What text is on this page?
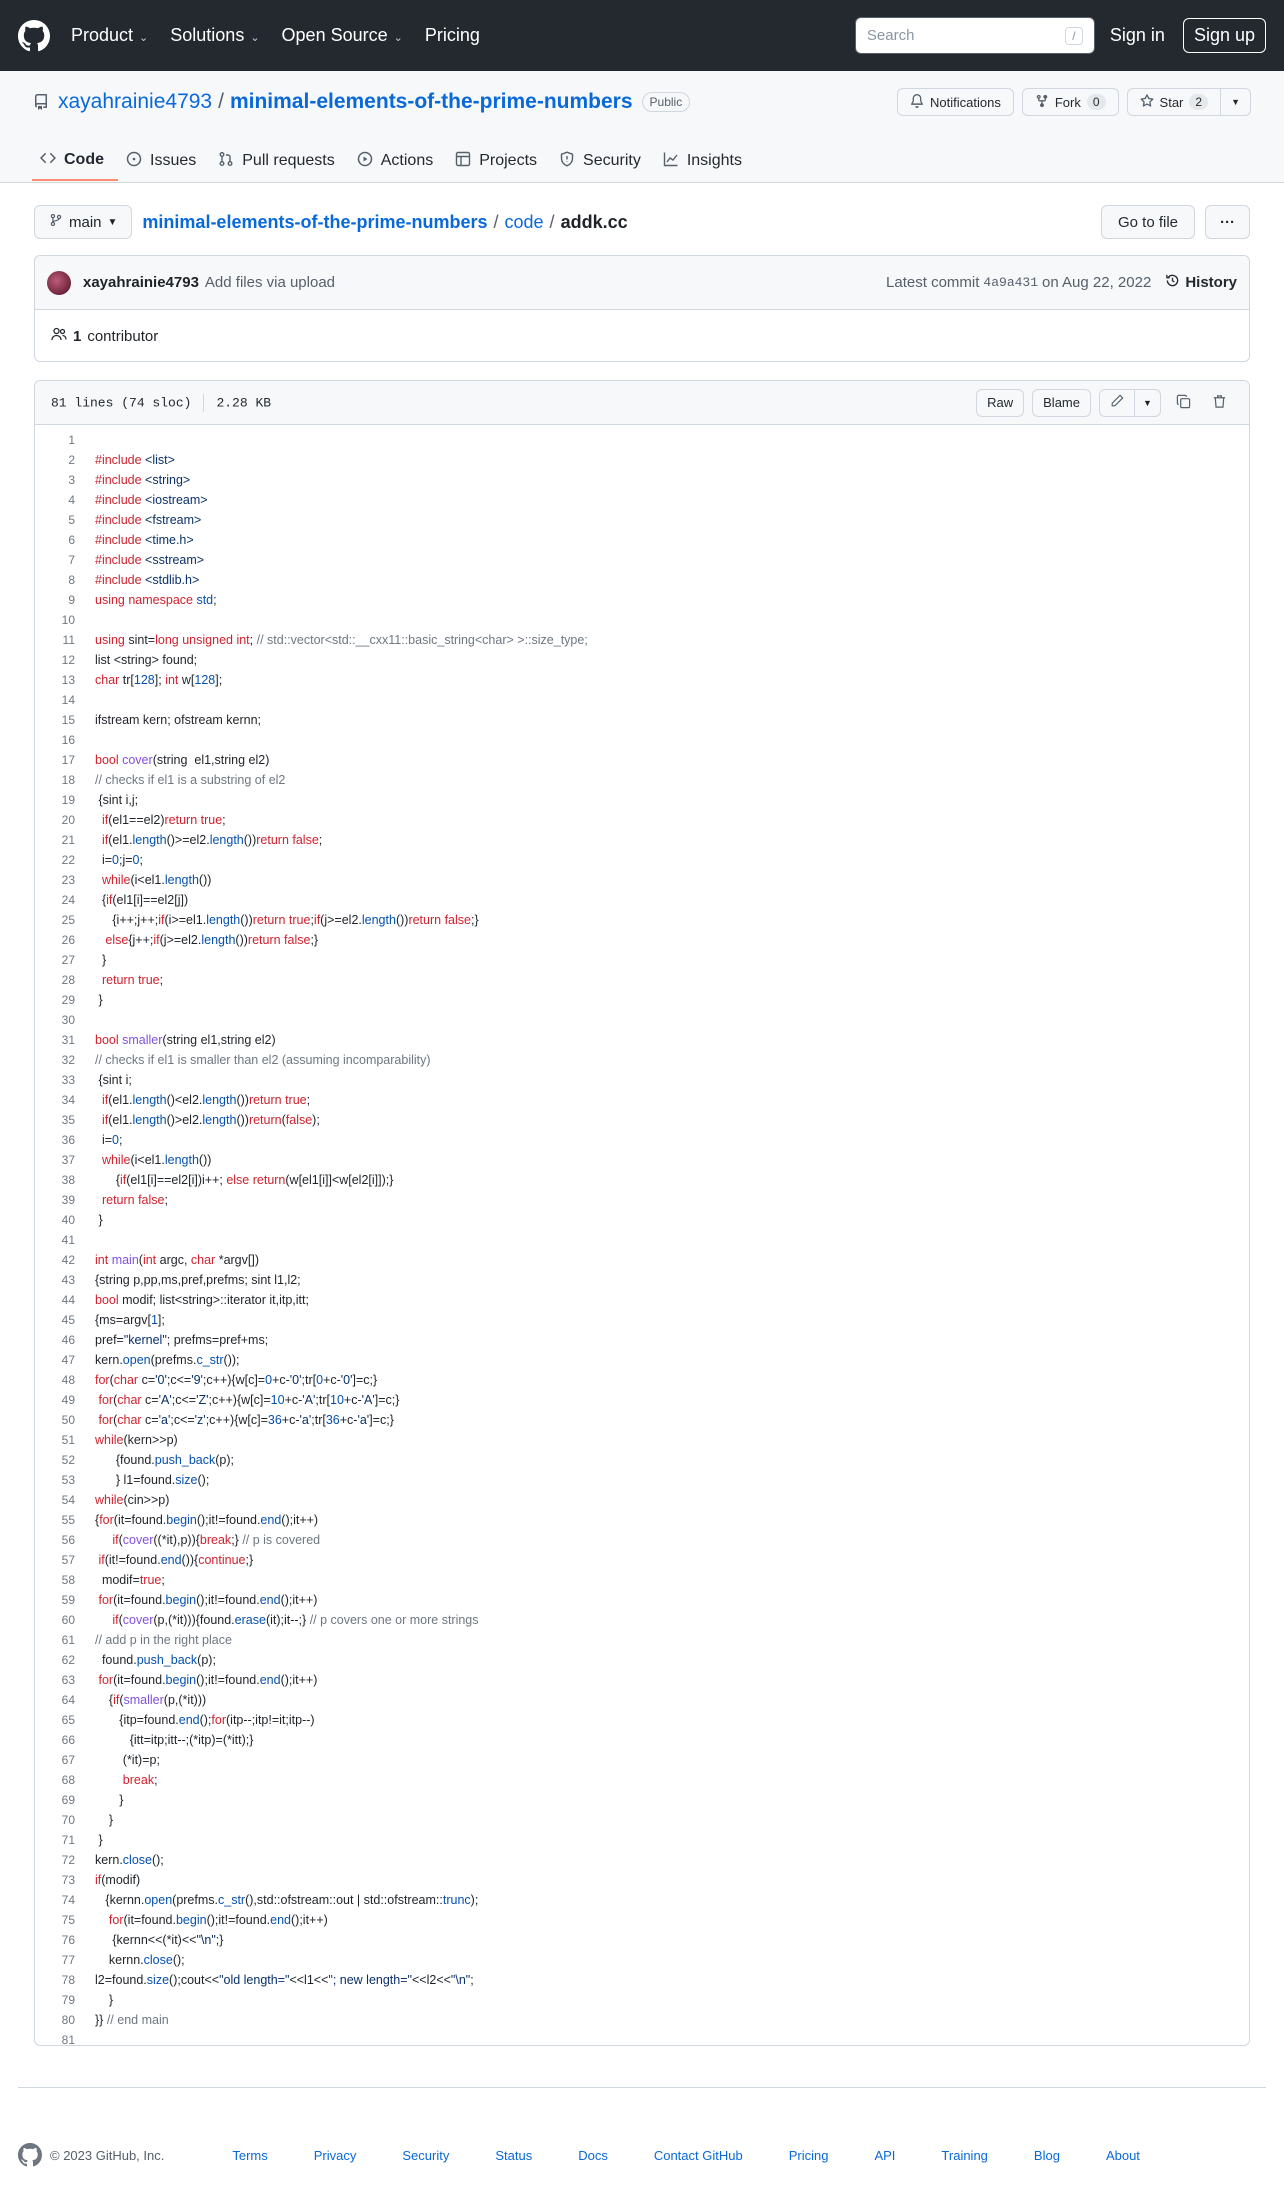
Product ⌄ Solutions ⌄ Open Source ⌄ Pricing	Search	/	Sign in	Sign up
xayahrainie4793 / minimal-elements-of-the-prime-numbers	Public	Notifications	Fork	0	Star	2	▼
Code	Issues	Pull requests	Actions	Projects	Security	Insights
main ▼ minimal-elements-of-the-prime-numbers / code / addk.cc	Go to file	···
xayahrainie4793 Add files via upload	Latest commit 4a9a431 on Aug 22, 2022 History
1 contributor
81 lines (74 sloc) 2.28 KB	Raw	Blame	▼
1
2	#include <list>
3	#include <string>
4	#include <iostream>
5	#include <fstream>
6	#include <time.h>
7	#include <sstream>
8	#include <stdlib.h>
9	using namespace std;
10
11	using sint=long unsigned int; // std::vector<std::__cxx11::basic_string<char> >::size_type;
12	list <string> found;
13	char tr[128]; int w[128];
14
15	ifstream kern; ofstream kernn;
16
17	bool cover(string  el1,string el2)
18	// checks if el1 is a substring of el2
19	{sint i,j;
20	if(el1==el2)return true;
21	if(el1.length()>=el2.length())return false;
22	i=0;j=0;
23	while(i<el1.length())
24	{if(el1[i]==el2[j])
25	{i++;j++;if(i>=el1.length())return true;if(j>=el2.length())return false;}
26	else{j++;if(j>=el2.length())return false;}
27	}
28	return true;
29	}
30
31	bool smaller(string el1,string el2)
32	// checks if el1 is smaller than el2 (assuming incomparability)
33	{sint i;
34	if(el1.length()<el2.length())return true;
35	if(el1.length()>el2.length())return(false);
36	i=0;
37	while(i<el1.length())
38	{if(el1[i]==el2[i])i++; else return(w[el1[i]]<w[el2[i]]);}
39	return false;
40	}
41
42	int main(int argc, char *argv[])
43	{string p,pp,ms,pref,prefms; sint l1,l2;
44	bool modif; list<string>::iterator it,itp,itt;
45	{ms=argv[1];
46	pref="kernel"; prefms=pref+ms;
47	kern.open(prefms.c_str());
48	for(char c='0';c<='9';c++){w[c]=0+c-'0';tr[0+c-'0']=c;}
49	for(char c='A';c<='Z';c++){w[c]=10+c-'A';tr[10+c-'A']=c;}
50	for(char c='a';c<='z';c++){w[c]=36+c-'a';tr[36+c-'a']=c;}
51	while(kern>>p)
52	{found.push_back(p);
53	} l1=found.size();
54	while(cin>>p)
55	{for(it=found.begin();it!=found.end();it++)
56	if(cover((*it),p)){break;} // p is covered
57	if(it!=found.end()){continue;}
58	modif=true;
59	for(it=found.begin();it!=found.end();it++)
60	if(cover(p,(*it))){found.erase(it);it--;} // p covers one or more strings
61	// add p in the right place
62	found.push_back(p);
63	for(it=found.begin();it!=found.end();it++)
64	{if(smaller(p,(*it)))
65	{itp=found.end();for(itp--;itp!=it;itp--)
66	{itt=itp;itt--;(*itp)=(*itt);}
67	(*it)=p;
68	break;
69	}
70	}
71	}
72	kern.close();
73	if(modif)
74	{kernn.open(prefms.c_str(),std::ofstream::out | std::ofstream::trunc);
75	for(it=found.begin();it!=found.end();it++)
76	{kernn<<(*it)<<"\n";}
77	kernn.close();
78	l2=found.size();cout<<"old length="<<l1<<"; new length="<<l2<<"\n";
79	}
80	}} // end main
81
© 2023 GitHub, Inc.	Terms	Privacy	Security	Status	Docs	Contact GitHub	Pricing	API	Training	Blog	About
